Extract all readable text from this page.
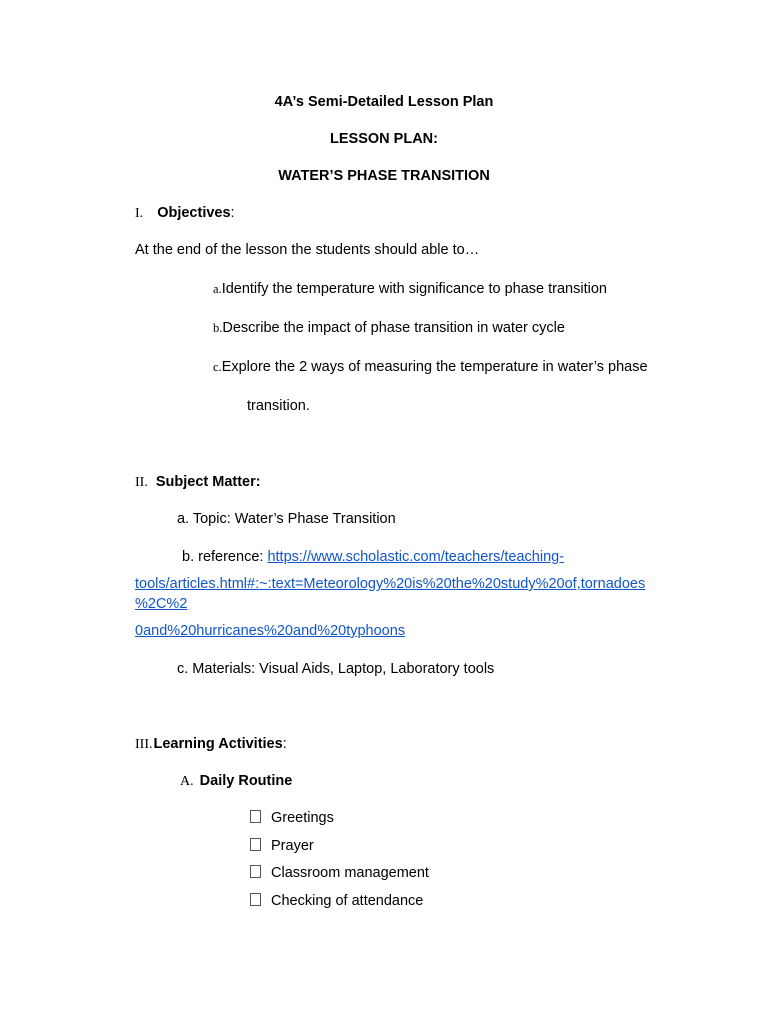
4A’s Semi-Detailed Lesson Plan
LESSON PLAN:
WATER’S PHASE TRANSITION
I. Objectives:
At the end of the lesson the students should able to…
a.Identify the temperature with significance to phase transition
b.Describe the impact of phase transition in water cycle
c.Explore the 2 ways of measuring the temperature in water’s phase
transition.
II. Subject Matter:
a. Topic: Water’s Phase Transition
b. reference: https://www.scholastic.com/teachers/teaching-
tools/articles.html#:~:text=Meteorology%20is%20the%20study%20of,tornadoes
%2C%2
0and%20hurricanes%20and%20typhoons
c. Materials: Visual Aids, Laptop, Laboratory tools
III.Learning Activities:
A. Daily Routine
Greetings
Prayer
Classroom management
Checking of attendance
